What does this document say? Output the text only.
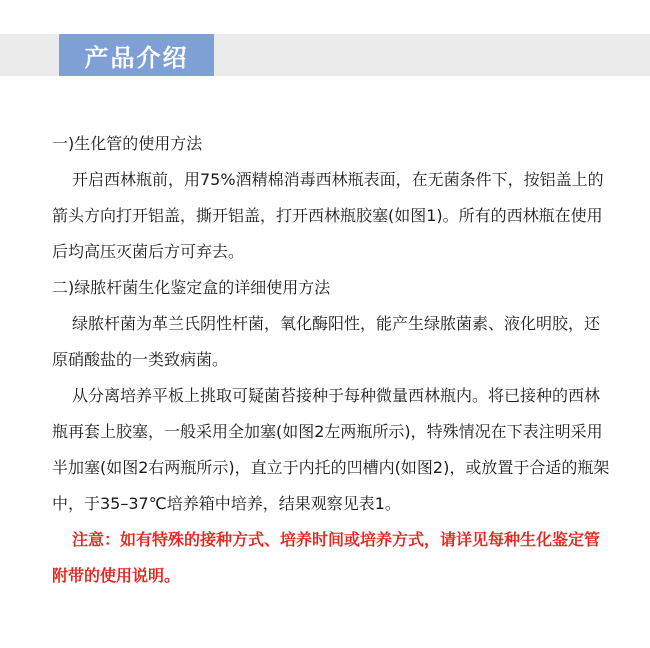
产品介绍

一)生化管的使用方法

开启西林瓶前，用75%酒精棉消毒西林瓶表面，在无菌条件下，按铝盖上的箭头方向打开铝盖，撕开铝盖，打开西林瓶胶塞(如图1)。所有的西林瓶在使用后均高压灭菌后方可弃去。

二)绿脓杆菌生化鉴定盒的详细使用方法

绿脓杆菌为革兰氏阴性杆菌，氧化酶阳性，能产生绿脓菌素、液化明胶，还原硝酸盐的一类致病菌。

从分离培养平板上挑取可疑菌苔接种于每种微量西林瓶内。将已接种的西林瓶再套上胶塞，一般采用全加塞(如图2左两瓶所示)，特殊情况在下表注明采用半加塞(如图2右两瓶所示)，直立于内托的凹槽内(如图2)，或放置于合适的瓶架中，于35–37℃培养箱中培养，结果观察见表1。

注意：如有特殊的接种方式、培养时间或培养方式，请详见每种生化鉴定管附带的使用说明。
